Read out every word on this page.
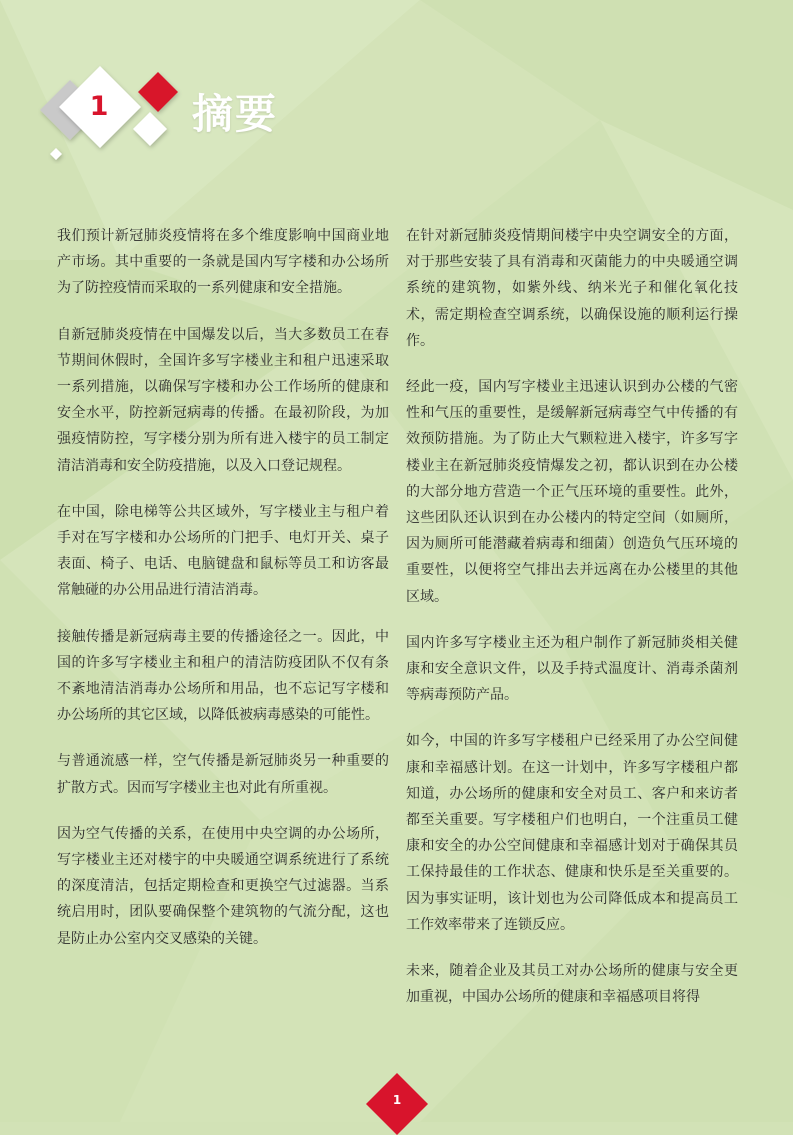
1 摘要

我们预计新冠肺炎疫情将在多个维度影响中国商业地产市场。其中重要的一条就是国内写字楼和办公场所为了防控疫情而采取的一系列健康和安全措施。

自新冠肺炎疫情在中国爆发以后，当大多数员工在春节期间休假时，全国许多写字楼业主和租户迅速采取一系列措施，以确保写字楼和办公工作场所的健康和安全水平，防控新冠病毒的传播。在最初阶段，为加强疫情防控，写字楼分别为所有进入楼宇的员工制定清洁消毒和安全防疫措施，以及入口登记规程。

在中国，除电梯等公共区域外，写字楼业主与租户着手对在写字楼和办公场所的门把手、电灯开关、桌子表面、椅子、电话、电脑键盘和鼠标等员工和访客最常触碰的办公用品进行清洁消毒。

接触传播是新冠病毒主要的传播途径之一。因此，中国的许多写字楼业主和租户的清洁防疫团队不仅有条不紊地清洁消毒办公场所和用品，也不忘记写字楼和办公场所的其它区域，以降低被病毒感染的可能性。

与普通流感一样，空气传播是新冠肺炎另一种重要的扩散方式。因而写字楼业主也对此有所重视。

因为空气传播的关系，在使用中央空调的办公场所，写字楼业主还对楼宇的中央暖通空调系统进行了系统的深度清洁，包括定期检查和更换空气过滤器。当系统启用时，团队要确保整个建筑物的气流分配，这也是防止办公室内交叉感染的关键。

在针对新冠肺炎疫情期间楼宇中央空调安全的方面，对于那些安装了具有消毒和灭菌能力的中央暖通空调系统的建筑物，如紫外线、纳米光子和催化氧化技术，需定期检查空调系统，以确保设施的顺利运行操作。

经此一疫，国内写字楼业主迅速认识到办公楼的气密性和气压的重要性，是缓解新冠病毒空气中传播的有效预防措施。为了防止大气颗粒进入楼宇，许多写字楼业主在新冠肺炎疫情爆发之初，都认识到在办公楼的大部分地方营造一个正气压环境的重要性。此外，这些团队还认识到在办公楼内的特定空间（如厕所，因为厕所可能潜藏着病毒和细菌）创造负气压环境的重要性，以便将空气排出去并远离在办公楼里的其他区域。

国内许多写字楼业主还为租户制作了新冠肺炎相关健康和安全意识文件，以及手持式温度计、消毒杀菌剂等病毒预防产品。

如今，中国的许多写字楼租户已经采用了办公空间健康和幸福感计划。在这一计划中，许多写字楼租户都知道，办公场所的健康和安全对员工、客户和来访者都至关重要。写字楼租户们也明白，一个注重员工健康和安全的办公空间健康和幸福感计划对于确保其员工保持最佳的工作状态、健康和快乐是至关重要的。因为事实证明，该计划也为公司降低成本和提高员工工作效率带来了连锁反应。

未来，随着企业及其员工对办公场所的健康与安全更加重视，中国办公场所的健康和幸福感项目将得

1
